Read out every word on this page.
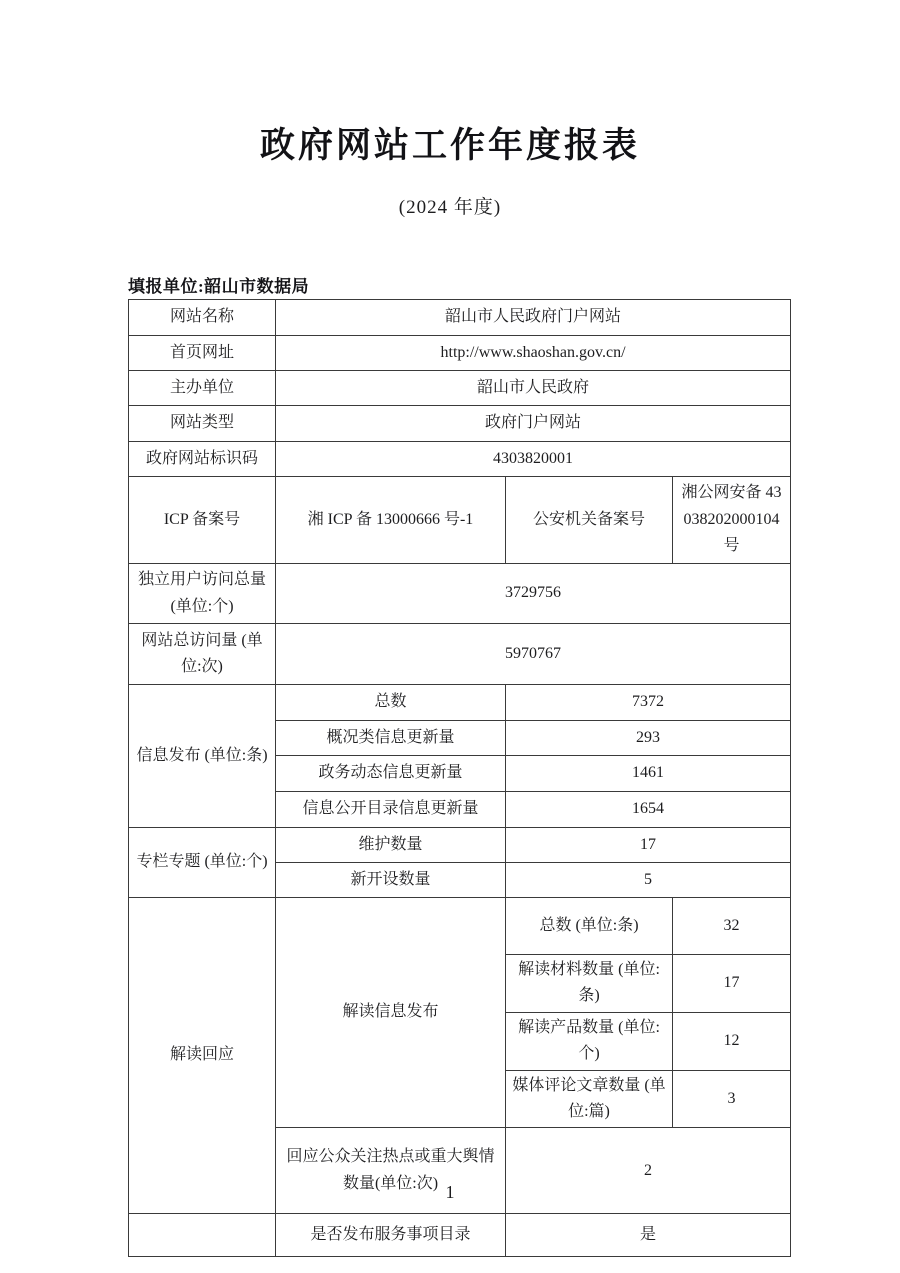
政府网站工作年度报表
(2024 年度)
填报单位:韶山市数据局
网站名称	韶山市人民政府门户网站		
首页网址	http://www.shaoshan.gov.cn/		
主办单位	韶山市人民政府		
网站类型	政府门户网站		
政府网站标识码	4303820001		
ICP 备案号	湘 ICP 备 13000666 号-1	公安机关备案号	湘公网安备 43038202000104 号
独立用户访问总量(单位:个)	3729756		
网站总访问量 (单位:次)	5970767		
信息发布 (单位:条)	总数	7372	
	概况类信息更新量	293	
	政务动态信息更新量	1461	
	信息公开目录信息更新量	1654	
专栏专题 (单位:个)	维护数量	17	
	新开设数量	5	
解读回应	解读信息发布	总数 (单位:条)	32
		解读材料数量 (单位:条)	17
		解读产品数量 (单位:个)	12
		媒体评论文章数量 (单位:篇)	3
	回应公众关注热点或重大舆情数量(单位:次)	2	
	是否发布服务事项目录	是	
1
